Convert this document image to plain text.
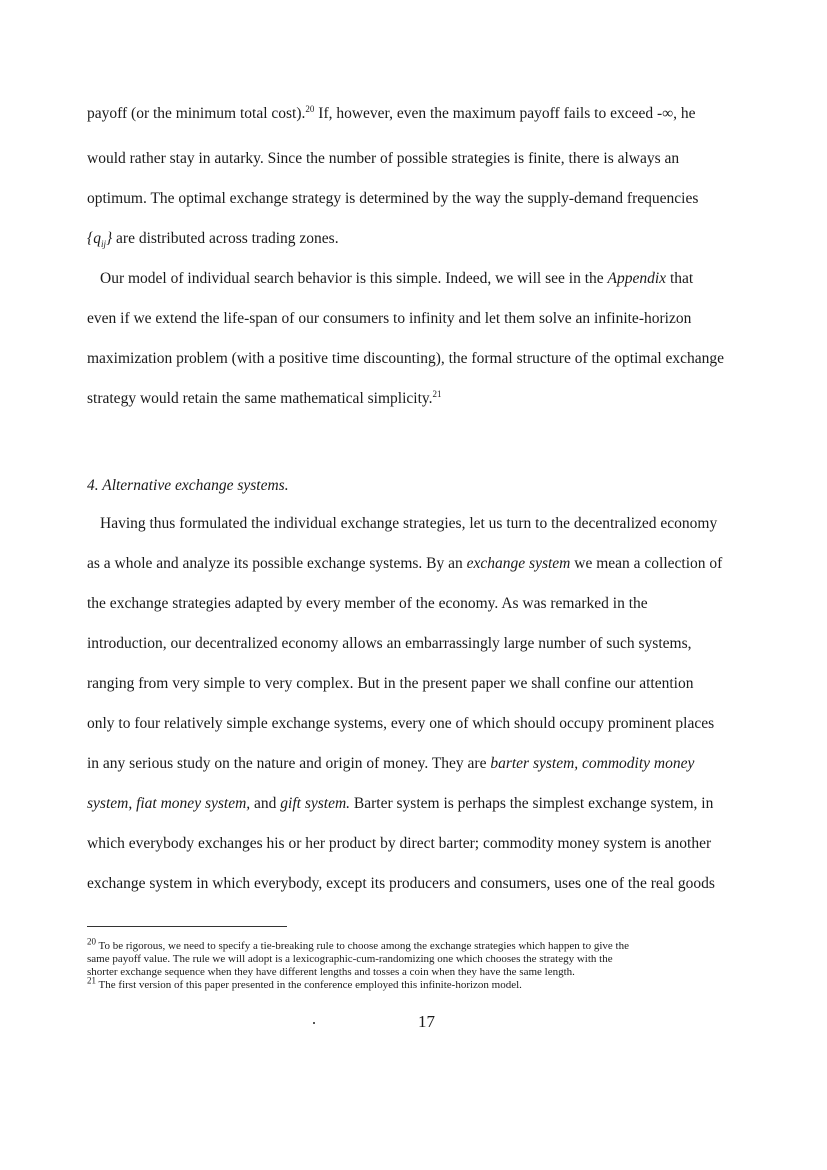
payoff (or the minimum total cost).$^{20}$ If, however, even the maximum payoff fails to exceed -∞, he
would rather stay in autarky. Since the number of possible strategies is finite, there is always an
optimum. The optimal exchange strategy is determined by the way the supply-demand frequencies
$\{q_{ij}\}$ are distributed across trading zones.
Our model of individual search behavior is this simple. Indeed, we will see in the Appendix that
even if we extend the life-span of our consumers to infinity and let them solve an infinite-horizon
maximization problem (with a positive time discounting), the formal structure of the optimal exchange
strategy would retain the same mathematical simplicity.$^{21}$
4. Alternative exchange systems.
Having thus formulated the individual exchange strategies, let us turn to the decentralized economy
as a whole and analyze its possible exchange systems. By an exchange system we mean a collection of
the exchange strategies adapted by every member of the economy. As was remarked in the
introduction, our decentralized economy allows an embarrassingly large number of such systems,
ranging from very simple to very complex. But in the present paper we shall confine our attention
only to four relatively simple exchange systems, every one of which should occupy prominent places
in any serious study on the nature and origin of money. They are barter system, commodity money
system, fiat money system, and gift system. Barter system is perhaps the simplest exchange system, in
which everybody exchanges his or her product by direct barter; commodity money system is another
exchange system in which everybody, except its producers and consumers, uses one of the real goods
$^{20}$ To be rigorous, we need to specify a tie-breaking rule to choose among the exchange strategies which happen to give the
same payoff value. The rule we will adopt is a lexicographic-cum-randomizing one which chooses the strategy with the
shorter exchange sequence when they have different lengths and tosses a coin when they have the same length.
$^{21}$ The first version of this paper presented in the conference employed this infinite-horizon model.
17
